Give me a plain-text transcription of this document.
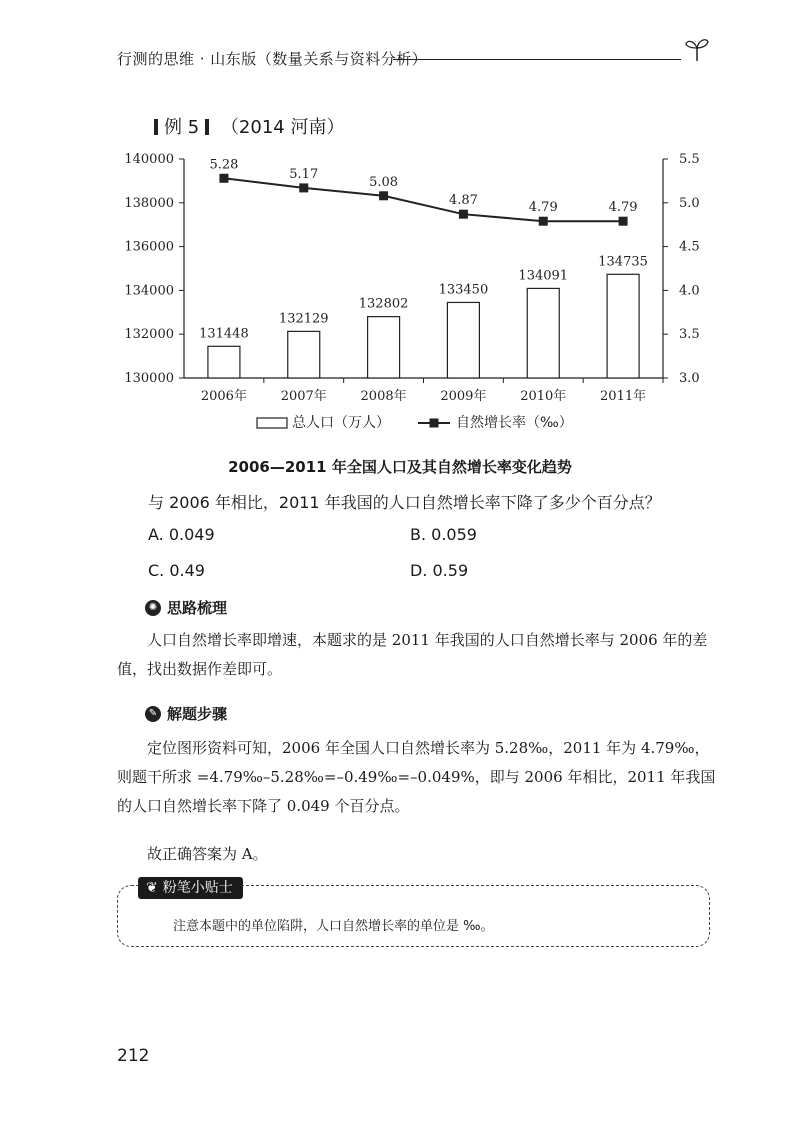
行测的思维 · 山东版（数量关系与资料分析）
例 5 （2014 河南）
130000
132000
134000
136000
138000
140000
3.0
3.5
4.0
4.5
5.0
5.5
131448
132129
132802
133450
134091
134735
2006年	2007年	2008年	2009年	2010年	2011年
5.28
5.17
5.08
4.87	4.79	4.79
总人口（万人）	自然增长率（‰）
2006—2011 年全国人口及其自然增长率变化趋势
与 2006 年相比，2011 年我国的人口自然增长率下降了多少个百分点？
A. 0.049	B. 0.059
C. 0.49	D. 0.59
✺ 思路梳理
人口自然增长率即增速，本题求的是 2011 年我国的人口自然增长率与 2006 年的差值，找出数据作差即可。
✎ 解题步骤
定位图形资料可知，2006 年全国人口自然增长率为 5.28‰，2011 年为 4.79‰，则题干所求 =4.79‰–5.28‰=–0.49‰=–0.049%，即与 2006 年相比，2011 年我国的人口自然增长率下降了 0.049 个百分点。
故正确答案为 A。
❦ 粉笔小贴士
注意本题中的单位陷阱，人口自然增长率的单位是 ‰。
212
